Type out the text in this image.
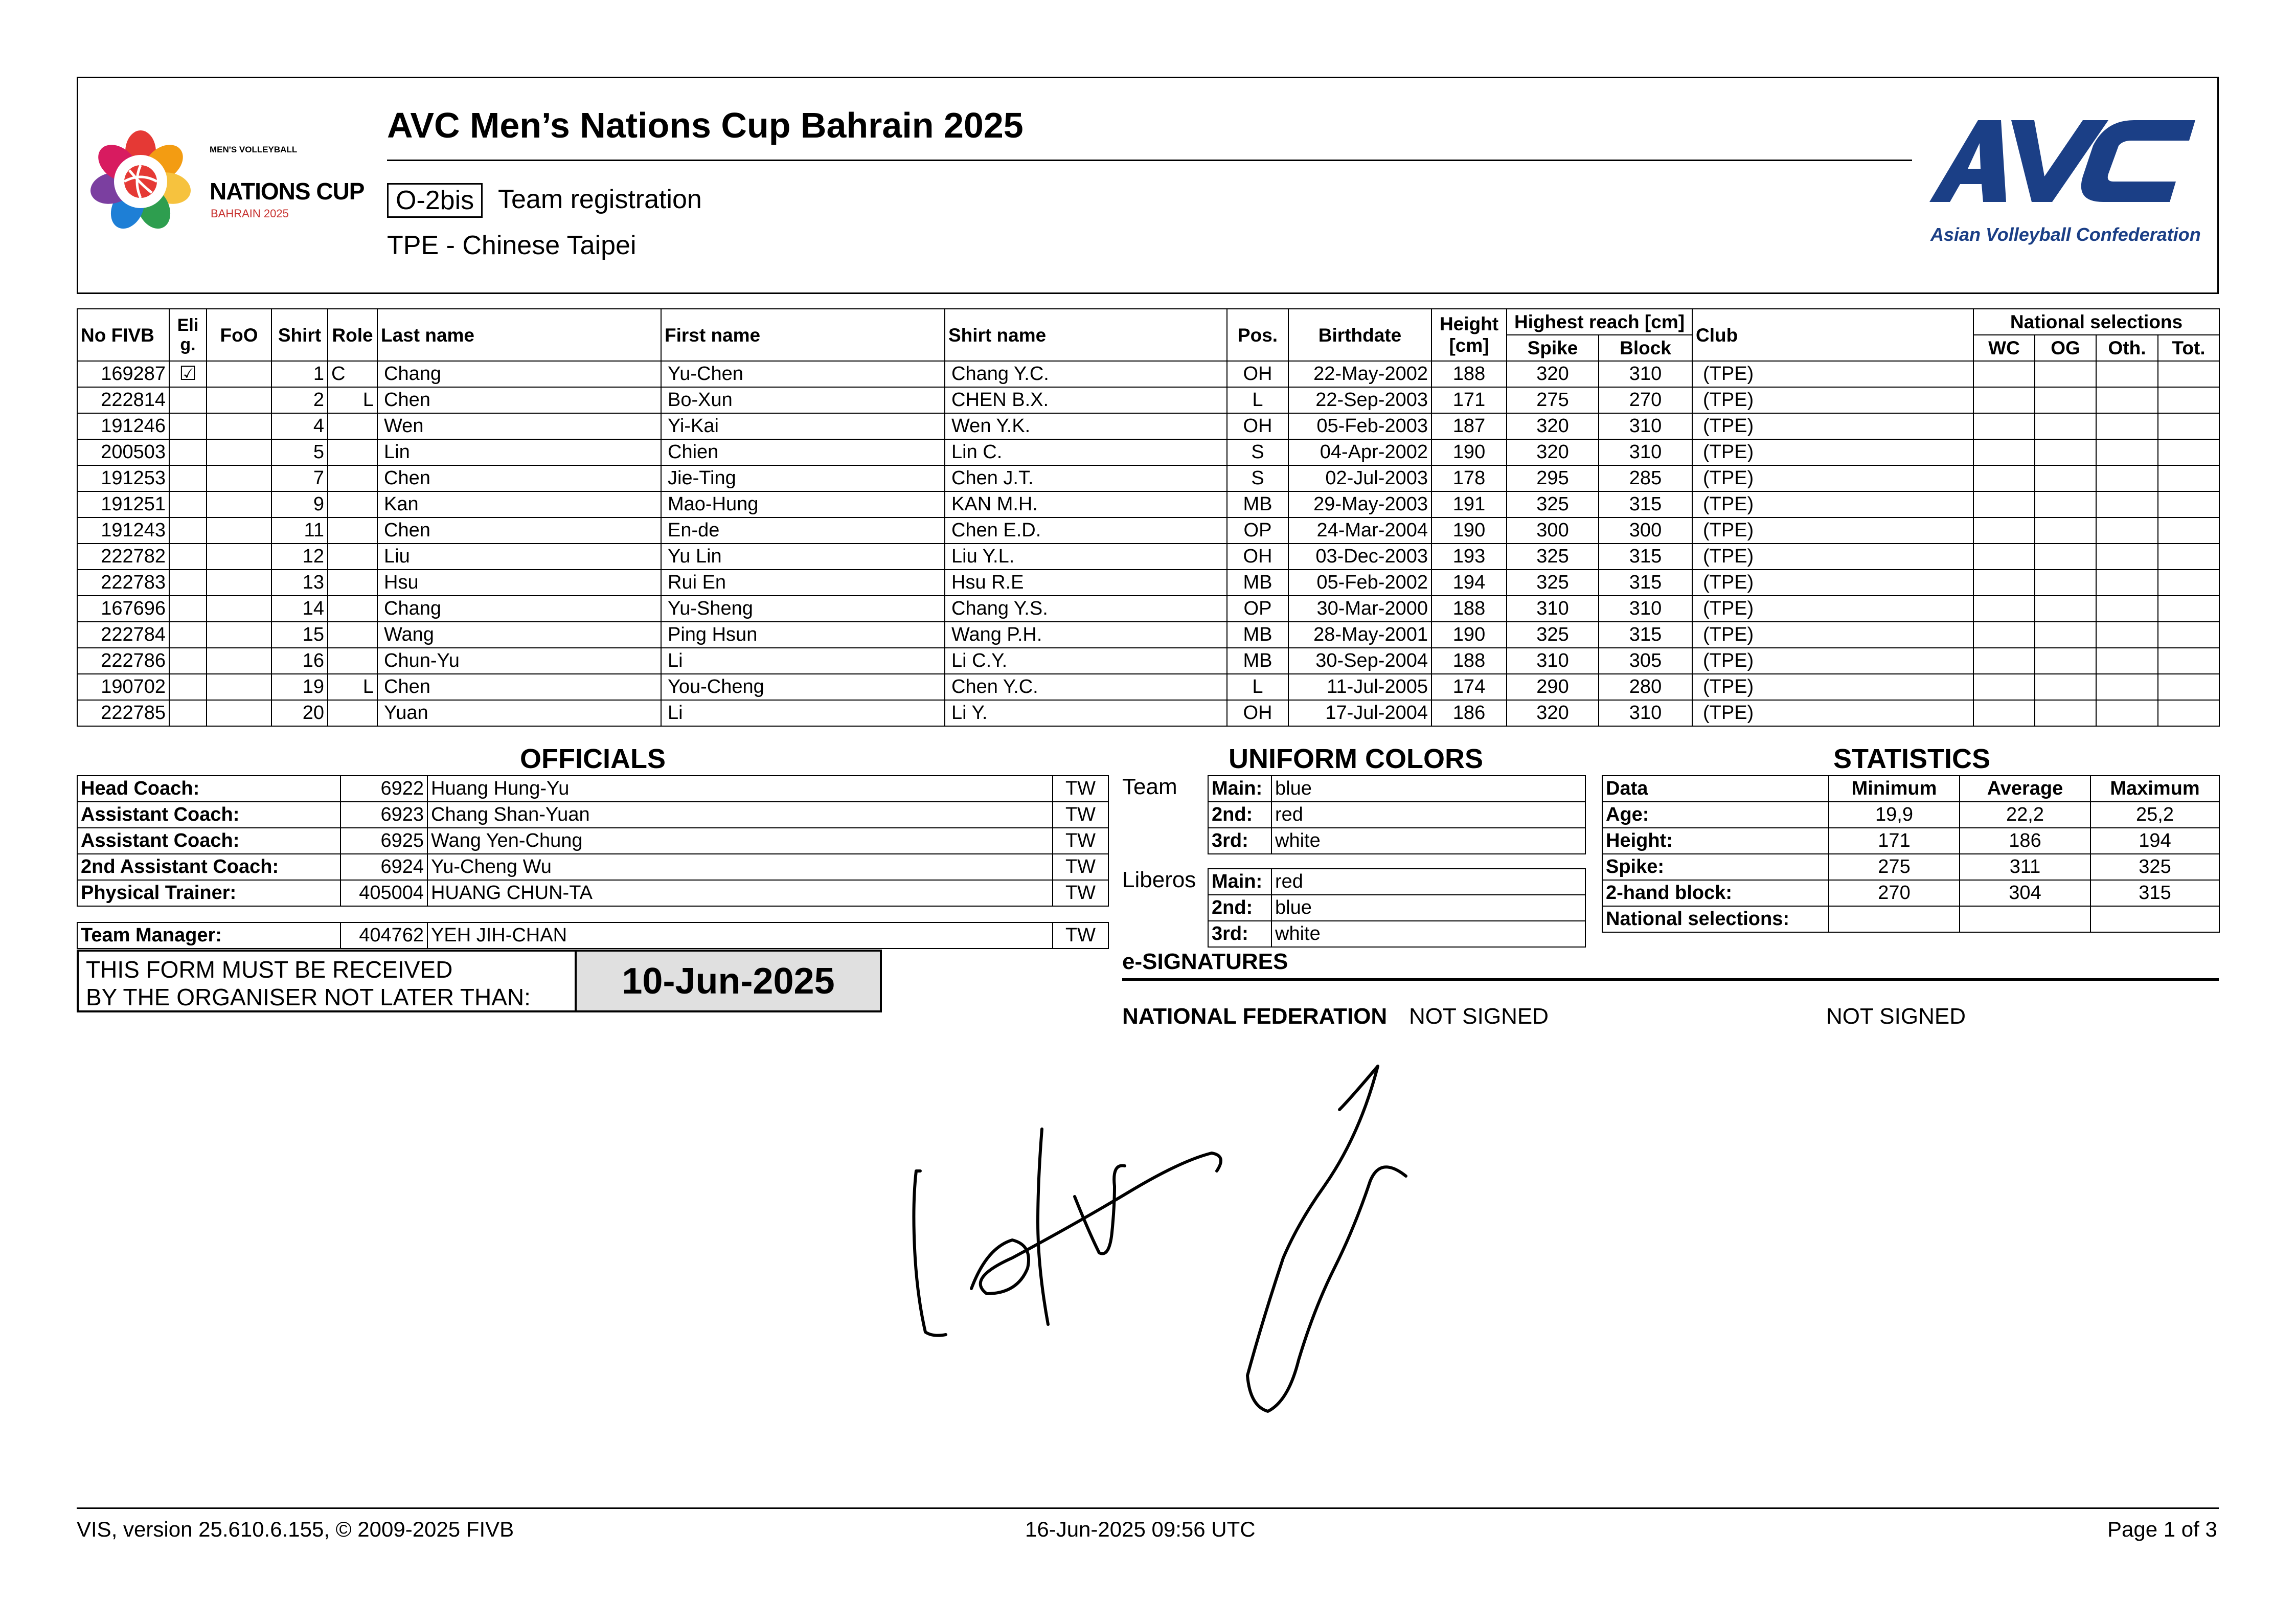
MEN'S VOLLEYBALL
NATIONS CUP
BAHRAIN 2025
AVC Men’s Nations Cup Bahrain 2025
O-2bis Team registration
TPE - Chinese Taipei	Asian Volleyball Confederation
No FIVB	Eli g.	FoO	Shirt	Role	Last name	First name	Shirt name	Pos.	Birthdate	Height [cm]	Highest reach [cm]		Club	National selections			
											Spike	Block		WC	OG	Oth.	Tot.
169287	☑		1	C	Chang	Yu-Chen	Chang Y.C.	OH	22-May-2002	188	320	310	(TPE)				
222814			2	L	Chen	Bo-Xun	CHEN B.X.	L	22-Sep-2003	171	275	270	(TPE)				
191246			4		Wen	Yi-Kai	Wen Y.K.	OH	05-Feb-2003	187	320	310	(TPE)				
200503			5		Lin	Chien	Lin C.	S	04-Apr-2002	190	320	310	(TPE)				
191253			7		Chen	Jie-Ting	Chen J.T.	S	02-Jul-2003	178	295	285	(TPE)				
191251			9		Kan	Mao-Hung	KAN M.H.	MB	29-May-2003	191	325	315	(TPE)				
191243			11		Chen	En-de	Chen E.D.	OP	24-Mar-2004	190	300	300	(TPE)				
222782			12		Liu	Yu Lin	Liu Y.L.	OH	03-Dec-2003	193	325	315	(TPE)				
222783			13		Hsu	Rui En	Hsu R.E	MB	05-Feb-2002	194	325	315	(TPE)				
167696			14		Chang	Yu-Sheng	Chang Y.S.	OP	30-Mar-2000	188	310	310	(TPE)				
222784			15		Wang	Ping Hsun	Wang P.H.	MB	28-May-2001	190	325	315	(TPE)				
222786			16		Chun-Yu	Li	Li C.Y.	MB	30-Sep-2004	188	310	305	(TPE)				
190702			19	L	Chen	You-Cheng	Chen Y.C.	L	11-Jul-2005	174	290	280	(TPE)				
222785			20		Yuan	Li	Li Y.	OH	17-Jul-2004	186	320	310	(TPE)				
OFFICIALS
Head Coach:	6922	Huang Hung-Yu	TW
Assistant Coach:	6923	Chang Shan-Yuan	TW
Assistant Coach:	6925	Wang Yen-Chung	TW
2nd Assistant Coach:	6924	Yu-Cheng Wu	TW
Physical Trainer:	405004	HUANG CHUN-TA	TW
Team Manager:	404762	YEH JIH-CHAN	TW
THIS FORM MUST BE RECEIVED
BY THE ORGANISER NOT LATER THAN:	10-Jun-2025
UNIFORM COLORS
Team Main:	blue
2nd:	red
3rd:	white
Liberos Main:	red
2nd:	blue
3rd:	white
STATISTICS
Data	Minimum	Average	Maximum
Age:	19,9	22,2	25,2
Height:	171	186	194
Spike:	275	311	325
2-hand block:	270	304	315
National selections:			
e-SIGNATURES
NATIONAL FEDERATION NOT SIGNED	NOT SIGNED
VIS, version 25.610.6.155, © 2009-2025 FIVB	16-Jun-2025 09:56 UTC	Page 1 of 3
